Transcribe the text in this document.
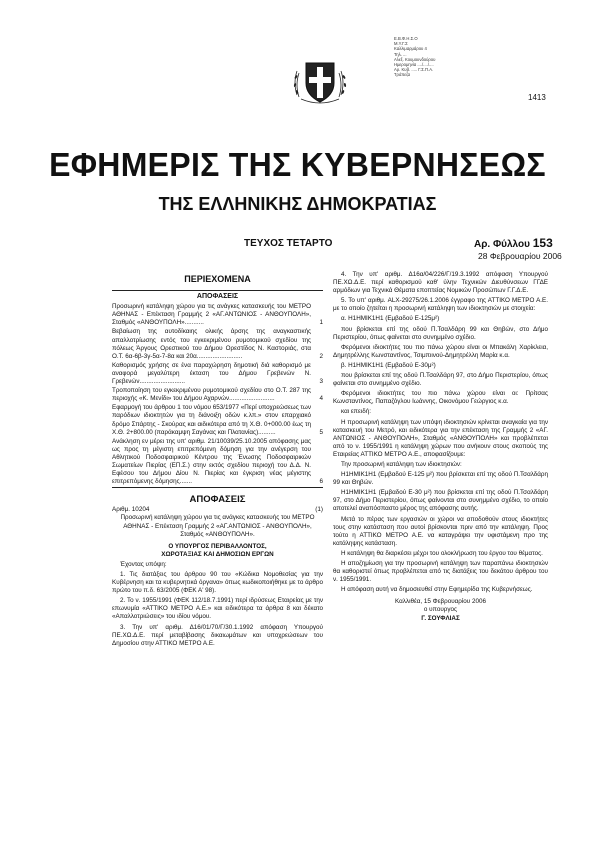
Ε.Β.Φ.Η.Σ.Ο
Μ.Υ.Γ.Σ
Καλλιμαρμάρου 4
Τηλ. ...
Αλεξ. Κουμουνδούρου
Ημερομηνία ..../..../....
Αρ. Κυβ. ..... Γ.Σ.Π.Α.
Τράπεζα
1413
ΕΦΗΜΕΡΙΣ ΤΗΣ ΚΥΒΕΡΝΗΣΕΩΣ
ΤΗΣ ΕΛΛΗΝΙΚΗΣ ΔΗΜΟΚΡΑΤΙΑΣ
ΤΕΥΧΟΣ ΤΕΤΑΡΤΟ	Αρ. Φύλλου 153
28 Φεβρουαρίου 2006
ΠΕΡΙΕΧΟΜΕΝΑ
ΑΠΟΦΑΣΕΙΣ
Προσωρινή κατάληψη χώρου για τις ανάγκες κατασκευής του ΜΕΤΡΟ ΑΘΗΝΑΣ - Επέκταση Γραμμής 2 «ΑΓ.ΑΝΤΩΝΙΟΣ - ΑΝΘΟΥΠΟΛΗ», Σταθμός «ΑΝΘΟΥΠΟΛΗ»...........	1
Βεβαίωση της αυτοδίκαιης ολικής άρσης της αναγκαστικής απαλλοτρίωσης εντός του εγκεκριμένου ρυμοτομικού σχεδίου της πόλεως Άργους Ορεστικού του Δήμου Ορεστίδος Ν. Καστοριάς, στα Ο.Τ. 6α-6β-3γ-5α-7-8α και 20α..........................	2
Καθορισμός χρήσης σε ένα παραχώρηση δημοτική διά καθορισμό με αναφορά μεγαλύτερη έκταση του Δήμου Γρεβενών Ν. Γρεβενών..........................	3
Τροποποίηση του εγκεκριμένου ρυμοτομικού σχεδίου στο Ο.Τ. 287 της περιοχής «Κ. Μενίδι» του Δήμου Αχαρνών..........................	4
Εφαρμογή του άρθρου 1 του νόμου 653/1977 «Περί υποχρεώσεως των παρόδιων ιδιοκτητών για τη διάνοιξη οδών κ.λπ.» στον επαρχιακό δρόμο Σπάρτης - Σκούρας και αιδικότερα από τη Χ.Θ. 0+000.00 έως τη Χ.Θ. 2+800.00 (παράκαμψη Σαγάνας και Πλατανίας)..........	5
Ανάκληση εν μέρει της υπ' αριθμ. 21/10039/25.10.2005 απόφασης μας ως προς τη μέγιστη επιτρεπόμενη δόμηση για την ανέγερση του Αθλητικού Ποδοσφαιρικού Κέντρου της Ένωσης Ποδοσφαιρικών Σωματείων Πιερίας (ΕΠ.Σ.) στην εκτός σχεδίου περιοχή του Δ.Δ. Ν. Εφέσου του Δήμου Δίου Ν. Πιερίας και έγκριση νέας μέγιστης επιτρεπόμενης δόμησης.......	6
ΑΠΟΦΑΣΕΙΣ
Αριθμ. 10204	(1)
Προσωρινή κατάληψη χώρου για τις ανάγκες κατασκευής του ΜΕΤΡΟ ΑΘΗΝΑΣ - Επέκταση Γραμμής 2 «ΑΓ.ΑΝΤΩΝΙΟΣ - ΑΝΘΟΥΠΟΛΗ», Σταθμός «ΑΝΘΟΥΠΟΛΗ».
Ο ΥΠΟΥΡΓΟΣ ΠΕΡΙΒΑΛΛΟΝΤΟΣ,
ΧΩΡΟΤΑΞΙΑΣ ΚΑΙ ΔΗΜΟΣΙΩΝ ΕΡΓΩΝ
Έχοντας υπόψη:
1. Τις διατάξεις του άρθρου 90 του «Κώδικα Νομοθεσίας για την Κυβέρνηση και τα κυβερνητικά όργανα» όπως κωδικοποιήθηκε με το άρθρο πρώτο του π.δ. 63/2005 (ΦΕΚ Α' 98).
2. Το ν. 1955/1991 (ΦΕΚ 112/18.7.1991) περί ιδρύσεως Εταιρείας με την επωνυμία «ΑΤΤΙΚΟ ΜΕΤΡΟ Α.Ε.» και ειδικότερα τα άρθρα 8 και δέκατο «Απαλλοτριώσεις» του ιδίου νόμου.
3. Την υπ' αριθμ. Δ16/01/70/Γ/30.1.1992 απόφαση Υπουργού ΠΕ.ΧΩ.Δ.Ε. περί μεταβίβασης δικαιωμάτων και υποχρεώσεων του Δημοσίου στην ΑΤΤΙΚΟ ΜΕΤΡΟ Α.Ε.
4. Την υπ' αριθμ. Δ16α/04/226/Γ/19.3.1992 απόφαση Υπουργού ΠΕ.ΧΩ.Δ.Ε. περί καθορισμού καθ' ύλην Τεχνικών Διευθύνσεων ΓΓΔΕ αρμόδιων για Τεχνικά Θέματα εποπτείας Νομικών Προσώπων Γ.Γ.Δ.Ε.
5. Το υπ' αριθμ. ALX-29275/26.1.2006 έγγραφο της ΑΤΤΙΚΟ ΜΕΤΡΟ Α.Ε. με το οποίο ζητείται η προσωρινή κατάληψη των ιδιοκτησιών με στοιχεία:
α. Η1ΗΜΙΚ1Η1 (Εμβαδού Ε-125μ²)
που βρίσκεται επί της οδού Π.Τσαλδάρη 99 και Θηβών, στο Δήμο Περιστερίου, όπως φαίνεται στο συνημμένο σχέδιο.
Φερόμενοι ιδιοκτήτες του πιο πάνω χώρου είναι οι Μπακάλη Χαρίκλεια, Δημητρέλλης Κωνσταντίνος, Τσιμπιινού-Δημητρέλλη Μαρία κ.α.
β. Η1ΗΜΙΚ1Η1 (Εμβαδού Ε-30μ²)
που βρίσκεται επί της οδού Π.Τσαλδάρη 97, στο Δήμο Περιστερίου, όπως φαίνεται στο συνημμένο σχέδιο.
Φερόμενοι ιδιοκτήτες του πιο πάνω χώρου είναι οι: Πρίτσας Κωνσταντίνος, Παπαζόγλου Ιωάννης, Οικονόμου Γεώργιος κ.α.
και επειδή:
Η προσωρινή κατάληψη των υπόψη ιδιοκτησιών κρίνεται αναγκαία για την κατασκευή του Μετρό, και ειδικότερα για την επέκταση της Γραμμής 2 «ΑΓ. ΑΝΤΩΝΙΟΣ - ΑΝΘΟΥΠΟΛΗ», Σταθμός «ΑΝΘΟΥΠΟΛΗ» και προβλέπεται από το ν. 1955/1991 η κατάληψη χώρων που ανήκουν στους σκοπούς της Εταιρείας ΑΤΤΙΚΟ ΜΕΤΡΟ Α.Ε., αποφασίζουμε:
Την προσωρινή κατάληψη των ιδιοκτησιών:
Η1ΗΜΙΚ1Η1 (Εμβαδού Ε-125 μ²) που βρίσκεται επί της οδού Π.Τσαλδάρη 99 και Θηβών.
Η1ΗΜΙΚ1Η1 (Εμβαδού Ε-30 μ²) που βρίσκεται επί της οδού Π.Τσαλδάρη 97, στο Δήμο Περιστερίου, όπως φαίνονται στο συνημμένο σχέδιο, το οποίο αποτελεί αναπόσπαστο μέρος της απόφασης αυτής.
Μετά το πέρας των εργασιών οι χώροι να αποδοθούν στους ιδιοκτήτες τους στην κατάσταση που αυτοί βρίσκονται πριν από την κατάληψη. Προς τούτο η ΑΤΤΙΚΟ ΜΕΤΡΟ Α.Ε. να καταγράψει την υφιστάμενη προ της κατάληψης κατάσταση.
Η κατάληψη θα διαρκέσει μέχρι του ολοκλήρωση του έργου του θέματος.
Η αποζημίωση για την προσωρινή κατάληψη των παραπάνω ιδιοκτησιών θα καθοριστεί όπως προβλέπεται από τις διατάξεις του δεκάτου άρθρου του ν. 1955/1991.
Η απόφαση αυτή να δημοσιευθεί στην Εφημερίδα της Κυβερνήσεως.
Καλλιθέα, 15 Φεβρουαρίου 2006
ο υπουργος
Γ. ΣΟΥΦΛΙΑΣ
